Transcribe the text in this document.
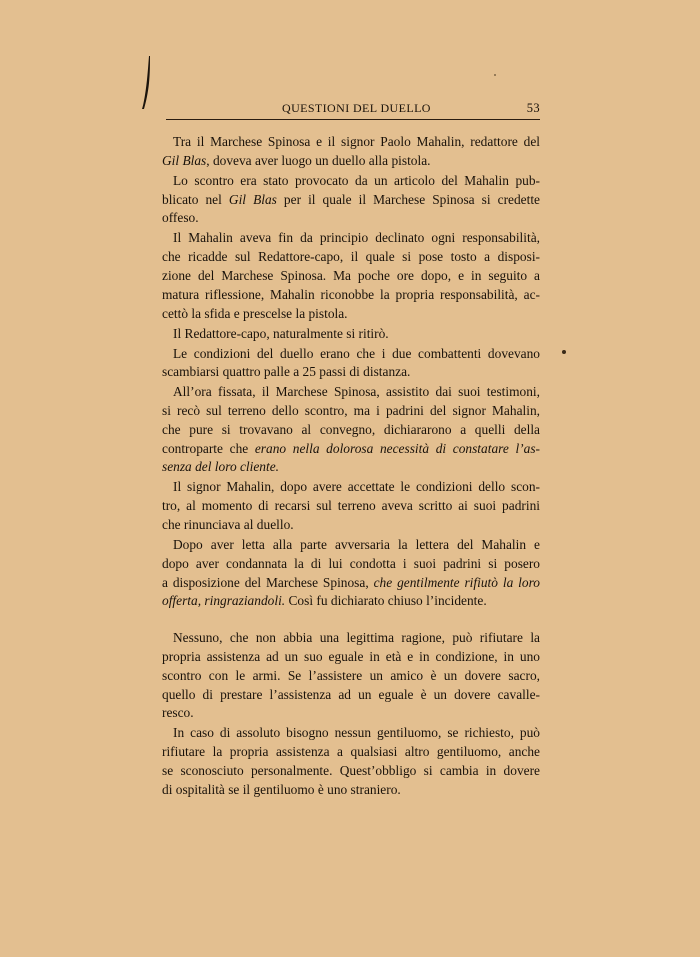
QUESTIONI DEL DUELLO	53
Tra il Marchese Spinosa e il signor Paolo Mahalin, redattore del
Gil Blas, doveva aver luogo un duello alla pistola.
Lo scontro era stato provocato da un articolo del Mahalin pub-
blicato nel Gil Blas per il quale il Marchese Spinosa si credette
offeso.
Il Mahalin aveva fin da principio declinato ogni responsabilità,
che ricadde sul Redattore-capo, il quale si pose tosto a disposi-
zione del Marchese Spinosa. Ma poche ore dopo, e in seguito a
matura riflessione, Mahalin riconobbe la propria responsabilità, ac-
cettò la sfida e prescelse la pistola.
Il Redattore-capo, naturalmente si ritirò.
Le condizioni del duello erano che i due combattenti dovevano
scambiarsi quattro palle a 25 passi di distanza.
All’ora fissata, il Marchese Spinosa, assistito dai suoi testimoni,
si recò sul terreno dello scontro, ma i padrini del signor Mahalin,
che pure si trovavano al convegno, dichiararono a quelli della
controparte che erano nella dolorosa necessità di constatare l’as-
senza del loro cliente.
Il signor Mahalin, dopo avere accettate le condizioni dello scon-
tro, al momento di recarsi sul terreno aveva scritto ai suoi padrini
che rinunciava al duello.
Dopo aver letta alla parte avversaria la lettera del Mahalin e
dopo aver condannata la di lui condotta i suoi padrini si posero
a disposizione del Marchese Spinosa, che gentilmente rifiutò la loro
offerta, ringraziandoli. Così fu dichiarato chiuso l’incidente.
Nessuno, che non abbia una legittima ragione, può rifiutare la
propria assistenza ad un suo eguale in età e in condizione, in uno
scontro con le armi. Se l’assistere un amico è un dovere sacro,
quello di prestare l’assistenza ad un eguale è un dovere cavalle-
resco.
In caso di assoluto bisogno nessun gentiluomo, se richiesto, può
rifiutare la propria assistenza a qualsiasi altro gentiluomo, anche
se sconosciuto personalmente. Quest’obbligo si cambia in dovere
di ospitalità se il gentiluomo è uno straniero.
